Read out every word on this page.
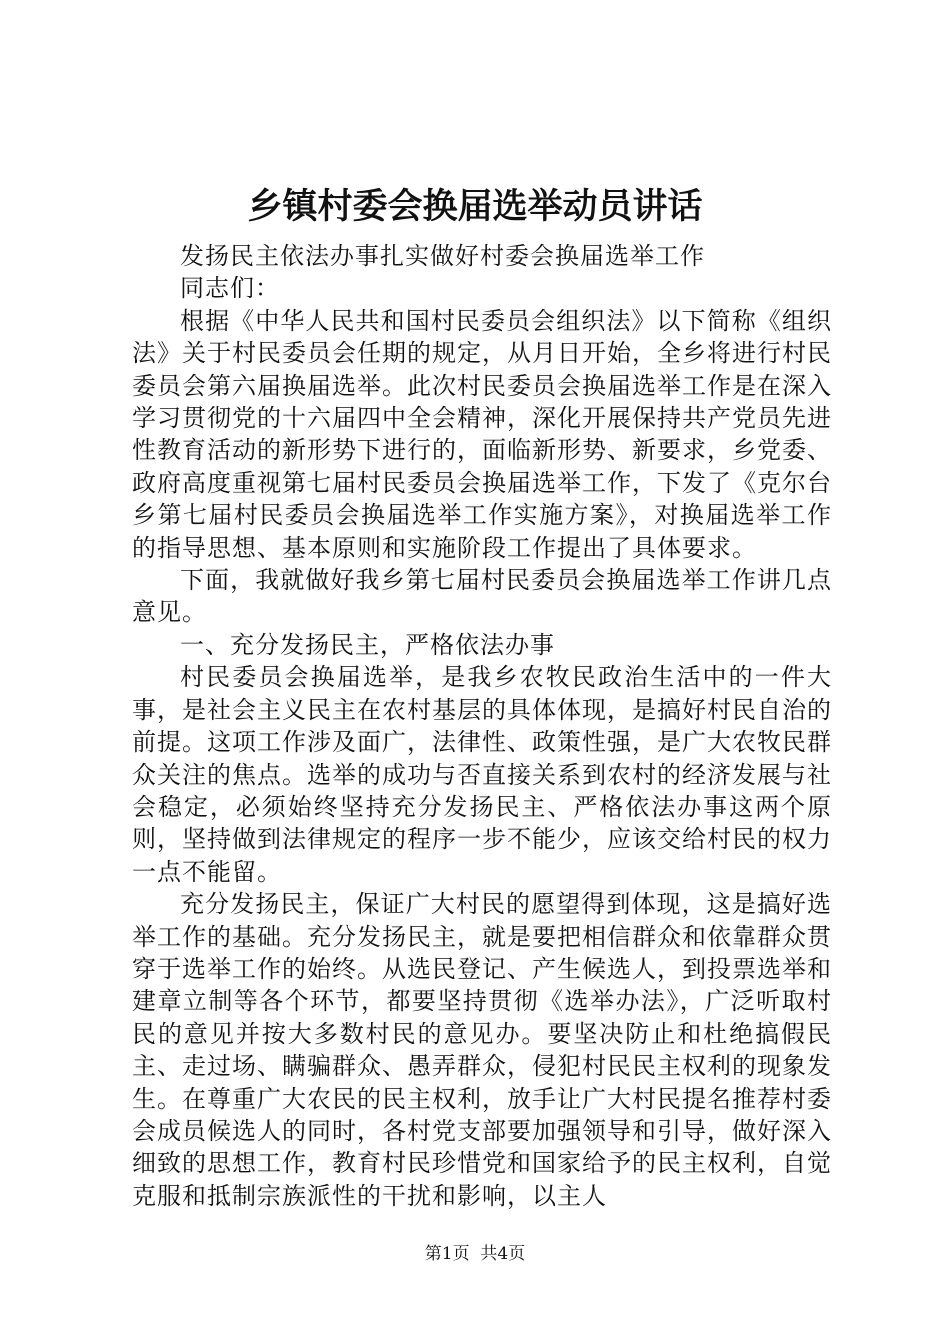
乡镇村委会换届选举动员讲话

发扬民主依法办事扎实做好村委会换届选举工作

同志们：

根据《中华人民共和国村民委员会组织法》以下简称《组织法》关于村民委员会任期的规定，从月日开始，全乡将进行村民委员会第六届换届选举。此次村民委员会换届选举工作是在深入学习贯彻党的十六届四中全会精神，深化开展保持共产党员先进性教育活动的新形势下进行的，面临新形势、新要求，乡党委、政府高度重视第七届村民委员会换届选举工作，下发了《克尔台乡第七届村民委员会换届选举工作实施方案》，对换届选举工作的指导思想、基本原则和实施阶段工作提出了具体要求。

下面，我就做好我乡第七届村民委员会换届选举工作讲几点意见。

一、充分发扬民主，严格依法办事

村民委员会换届选举，是我乡农牧民政治生活中的一件大事，是社会主义民主在农村基层的具体体现，是搞好村民自治的前提。这项工作涉及面广，法律性、政策性强，是广大农牧民群众关注的焦点。选举的成功与否直接关系到农村的经济发展与社会稳定，必须始终坚持充分发扬民主、严格依法办事这两个原则，坚持做到法律规定的程序一步不能少，应该交给村民的权力一点不能留。

充分发扬民主，保证广大村民的愿望得到体现，这是搞好选举工作的基础。充分发扬民主，就是要把相信群众和依靠群众贯穿于选举工作的始终。从选民登记、产生候选人，到投票选举和建章立制等各个环节，都要坚持贯彻《选举办法》，广泛听取村民的意见并按大多数村民的意见办。要坚决防止和杜绝搞假民主、走过场、瞒骗群众、愚弄群众，侵犯村民民主权利的现象发生。在尊重广大农民的民主权利，放手让广大村民提名推荐村委会成员候选人的同时，各村党支部要加强领导和引导，做好深入细致的思想工作，教育村民珍惜党和国家给予的民主权利，自觉克服和抵制宗族派性的干扰和影响，以主人

第1页 共4页
